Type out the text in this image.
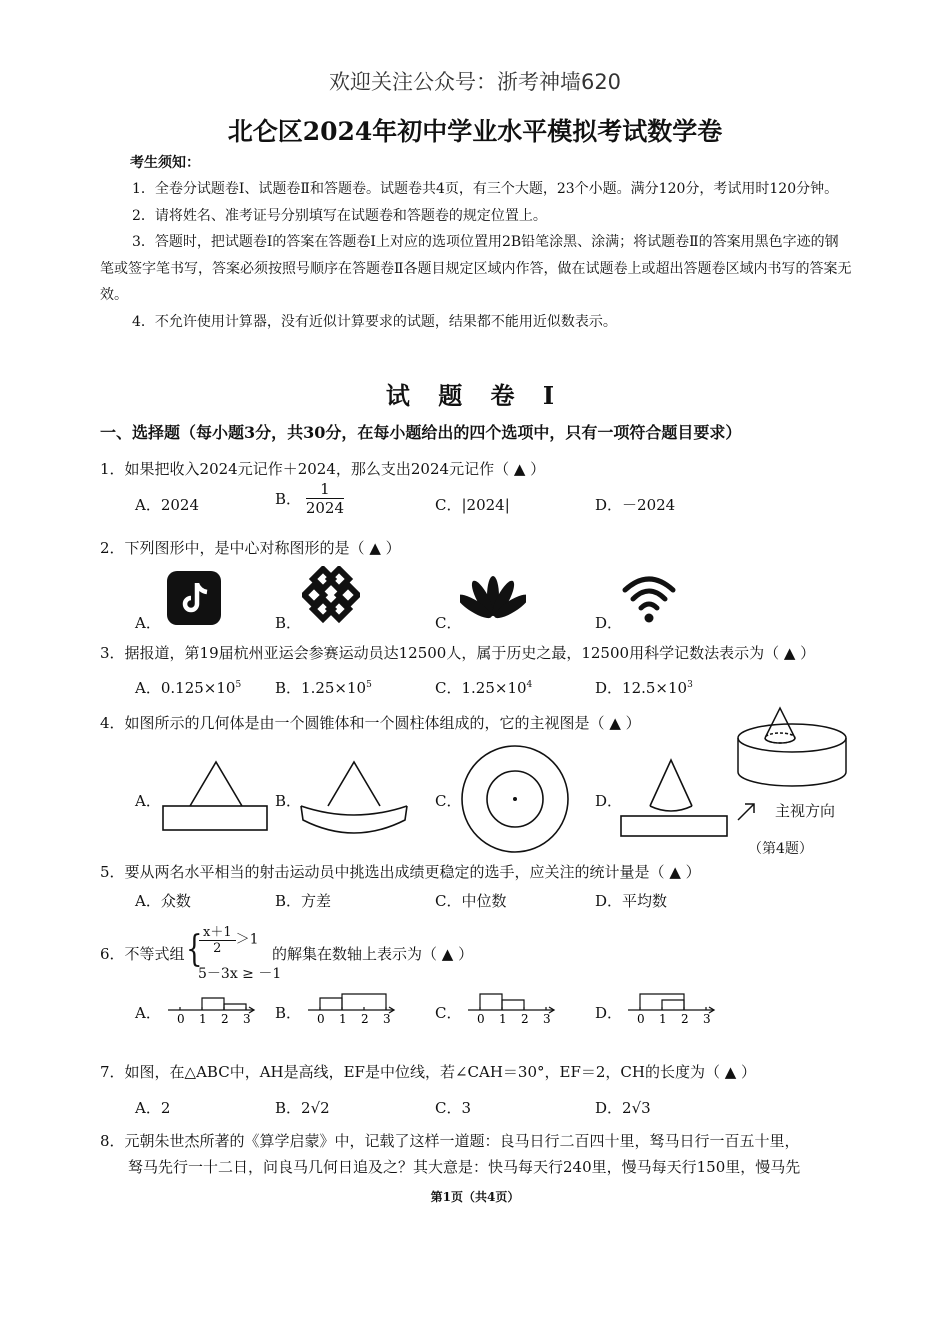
欢迎关注公众号：浙考神墙620
北仑区2024年初中学业水平模拟考试数学卷
考生须知：

1．全卷分试题卷Ⅰ、试题卷Ⅱ和答题卷。试题卷共4页，有三个大题，23个小题。满分120分，考试用时120分钟。

2．请将姓名、准考证号分别填写在试题卷和答题卷的规定位置上。

3．答题时，把试题卷Ⅰ的答案在答题卷Ⅰ上对应的选项位置用2B铅笔涂黑、涂满；将试题卷Ⅱ的答案用黑色字迹的钢笔或签字笔书写，答案必须按照号顺序在答题卷Ⅱ各题目规定区域内作答，做在试题卷上或超出答题卷区域内书写的答案无效。

4．不允许使用计算器，没有近似计算要求的试题，结果都不能用近似数表示。

试 题 卷 Ⅰ
一、选择题（每小题3分，共30分，在每小题给出的四个选项中，只有一项符合题目要求）
1．如果把收入2024元记作＋2024，那么支出2024元记作（ ▲ ）
A．2024	B． $\frac{1}{2024}$	C．|2024|	D．－2024
2．下列图形中，是中心对称图形的是（ ▲ ）
A．	B．	C．	D．
3．据报道，第19届杭州亚运会参赛运动员达12500人，属于历史之最，12500用科学记数法表示为（ ▲ ）
A．$0.125\times 10^5$ B．$1.25\times 10^5$	C．$1.25\times 10^4$	D．$12.5\times 10^3$
4．如图所示的几何体是由一个圆锥体和一个圆柱体组成的，它的主视图是（ ▲ ）
A．	B．	C．	D．
主视方向
（第4题）
5．要从两名水平相当的射击运动员中挑选出成绩更稳定的选手，应关注的统计量是（ ▲ ）
A．众数	B．方差	C．中位数	D．平均数
6．不等式组 {
$\frac{x+1}{2} >1$
5－3x ≥ －1
的解集在数轴上表示为（ ▲ ）
A．	B．	C．	D．
0 1 2 3	0 1 2 3	0 1 2 3	0 1 2 3
7．如图，在△ABC中，AH是高线，EF是中位线，若∠CAH＝30°，EF＝2，CH的长度为（ ▲ ）
A．2	B．2√2	C．3	D．2√3
8．元朝朱世杰所著的《算学启蒙》中，记载了这样一道题：良马日行二百四十里，驽马日行一百五十里，
驽马先行一十二日，问良马几何日追及之？其大意是：快马每天行240里，慢马每天行150里，慢马先
第1页（共4页）
